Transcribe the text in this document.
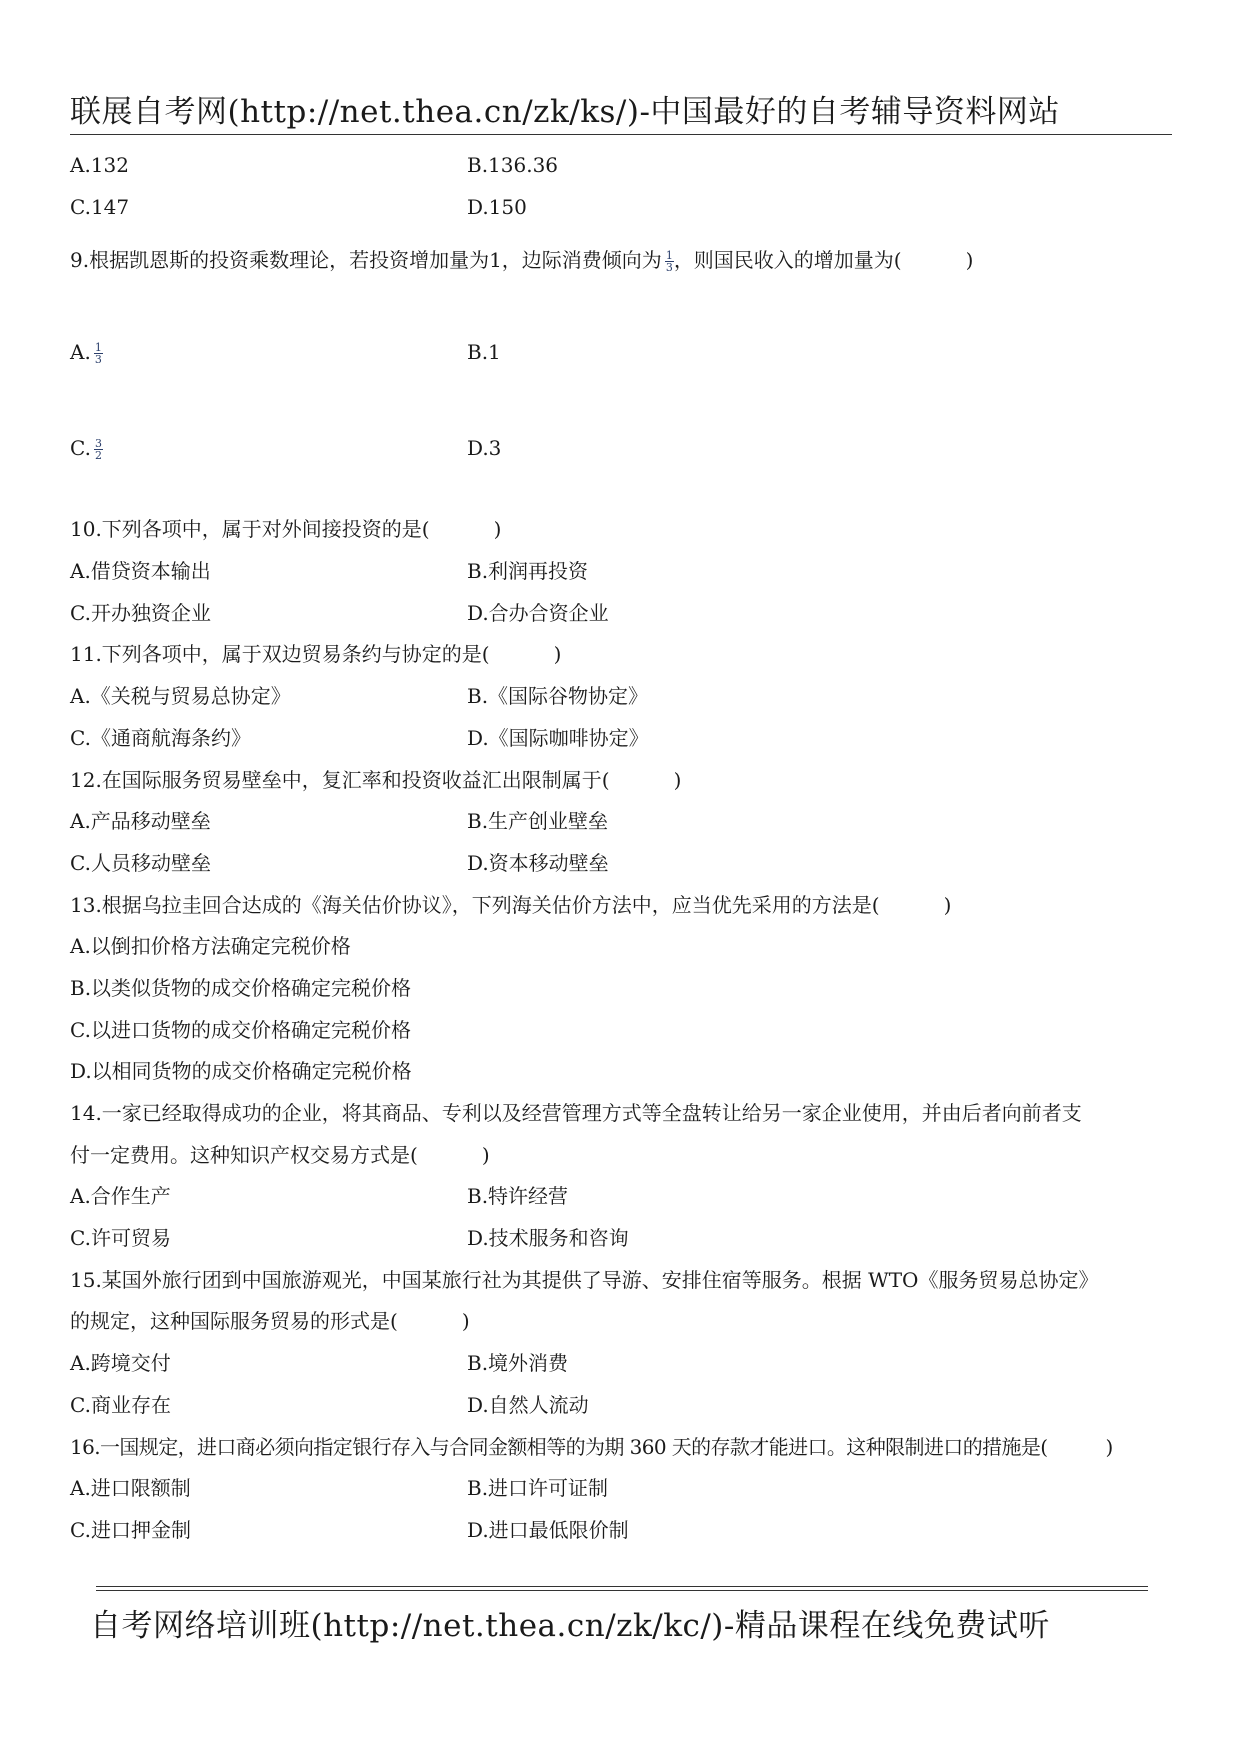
联展自考网(http://net.thea.cn/zk/ks/)-中国最好的自考辅导资料网站
A.132	B.136.36
C.147	D.150
9.根据凯恩斯的投资乘数理论，若投资增加量为1，边际消费倾向为 $\frac{1}{3}$ ，则国民收入的增加量为(	)
A. $\frac{1}{3}$	B.1
C. $\frac{3}{2}$	D.3
10.下列各项中，属于对外间接投资的是(	)
A.借贷资本输出	B.利润再投资
C.开办独资企业	D.合办合资企业
11.下列各项中，属于双边贸易条约与协定的是(	)
A.《关税与贸易总协定》	B.《国际谷物协定》
C.《通商航海条约》	D.《国际咖啡协定》
12.在国际服务贸易壁垒中，复汇率和投资收益汇出限制属于(	)
A.产品移动壁垒	B.生产创业壁垒
C.人员移动壁垒	D.资本移动壁垒
13.根据乌拉圭回合达成的《海关估价协议》，下列海关估价方法中，应当优先采用的方法是(	)
A.以倒扣价格方法确定完税价格
B.以类似货物的成交价格确定完税价格
C.以进口货物的成交价格确定完税价格
D.以相同货物的成交价格确定完税价格
14.一家已经取得成功的企业，将其商品、专利以及经营管理方式等全盘转让给另一家企业使用，并由后者向前者支
付一定费用。这种知识产权交易方式是(	)
A.合作生产	B.特许经营
C.许可贸易	D.技术服务和咨询
15.某国外旅行团到中国旅游观光，中国某旅行社为其提供了导游、安排住宿等服务。根据 WTO《服务贸易总协定》
的规定，这种国际服务贸易的形式是(	)
A.跨境交付	B.境外消费
C.商业存在	D.自然人流动
16.一国规定，进口商必须向指定银行存入与合同金额相等的为期 360 天的存款才能进口。这种限制进口的措施是(	)
A.进口限额制	B.进口许可证制
C.进口押金制	D.进口最低限价制
自考网络培训班(http://net.thea.cn/zk/kc/)-精品课程在线免费试听
